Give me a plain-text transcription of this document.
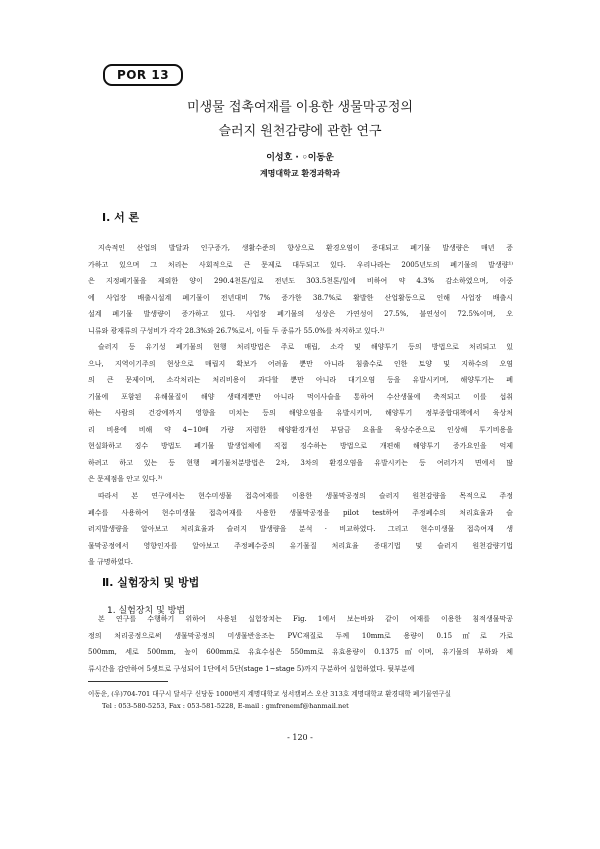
POR 13
미생물 접촉여재를 이용한 생물막공정의
슬러지 원천감량에 관한 연구
이성호 · ◦이동운
계명대학교 환경과학과
Ⅰ. 서 론
지속적인 산업의 발달과 인구증가, 생활수준의 향상으로 환경오염이 증대되고 폐기물 발생량은 매년 증
가하고 있으며 그 처리는 사회적으로 큰 문제로 대두되고 있다. 우리나라는 2005년도의 폐기물의 발생량¹⁾
은 지정폐기물을 제외한 양이 290.4천톤/일로 전년도 303.5천톤/일에 비하여 약 4.3% 감소하였으며, 이중
에 사업장 배출시설계 폐기물이 전년대비 7% 증가한 38.7%로 활발한 산업활동으로 인해 사업장 배출시
설계 폐기물 발생량이 증가하고 있다. 사업장 폐기물의 성상은 가연성이 27.5%, 불연성이 72.5%이며, 오
니류와 광재류의 구성비가 각각 28.3%와 26.7%로서, 이들 두 종류가 55.0%를 차지하고 있다.²⁾
슬러지 등 유기성 폐기물의 현행 처리방법은 주로 매립, 소각 및 해양투기 등의 방법으로 처리되고 있
으나, 지역이기주의 현상으로 매립지 확보가 어려울 뿐만 아니라 침출수로 인한 토양 및 지하수의 오염
의 큰 문제이며, 소각처리는 처리비용이 과다할 뿐만 아니라 대기오염 등을 유발시키며, 해양투기는 폐
기물에 포함된 유해물질이 해양 생태계뿐만 아니라 먹이사슬을 통하여 수산생물에 축적되고 이를 섭취
하는 사람의 건강에까지 영향을 미치는 등의 해양오염을 유발시키며, 해양투기 정부종합대책에서 육상처
리 비용에 비해 약 4~10배 가량 저렴한 해양환경개선 부담금 요율을 육상수준으로 인상해 투기비용을
현실화하고 징수 방법도 폐기물 발생업체에 직접 징수하는 방법으로 개편해 해양투기 증가요인을 억제
하려고 하고 있는 등 현행 폐기물처분방법은 2차, 3차의 환경오염을 유발시키는 등 여러가지 면에서 많
은 문제점을 안고 있다.³⁾
따라서 본 연구에서는 현수미생물 접촉여재를 이용한 생물막공정의 슬러지 원천감량을 목적으로 주정
폐수를 사용하여 현수미생물 접촉여재를 사용한 생물막공정을 pilot test하여 주정폐수의 처리효율과 슬
러지발생량을 알아보고 처리효율과 슬러지 발생량을 분석 · 비교하였다. 그리고 현수미생물 접촉여재 생
물막공정에서 영향인자를 알아보고 주정폐수중의 유기물질 처리효율 증대기법 및 슬러지 원천감량기법
을 규명하였다.
Ⅱ. 실험장치 및 방법
1. 실험장치 및 방법
본 연구를 수행하기 위하여 사용된 실험장치는 Fig. 1에서 보는바와 같이 여재를 이용한 침적생물막공
정의 처리공정으로써 생물막공정의 미생물반응조는 PVC재질로 두께 10mm로 용량이 0.15㎥로 가로
500mm, 세로 500mm, 높이 600mm로 유효수심은 550mm로 유효용량이 0.1375㎥이며, 유기물의 부하와 체
류시간을 감안하여 5셋트로 구성되어 1단에서 5단(stage 1~stage 5)까지 구분하여 실험하였다. 뒷부분에
이동운, (우)704-701 대구시 달서구 신당동 1000번지 계명대학교 성서캠퍼스 오산 313호 계명대학교 환경대학 폐기물연구실
Tel : 053-580-5253, Fax : 053-581-5228, E-mail : gmfrenemf@hanmail.net
- 120 -
